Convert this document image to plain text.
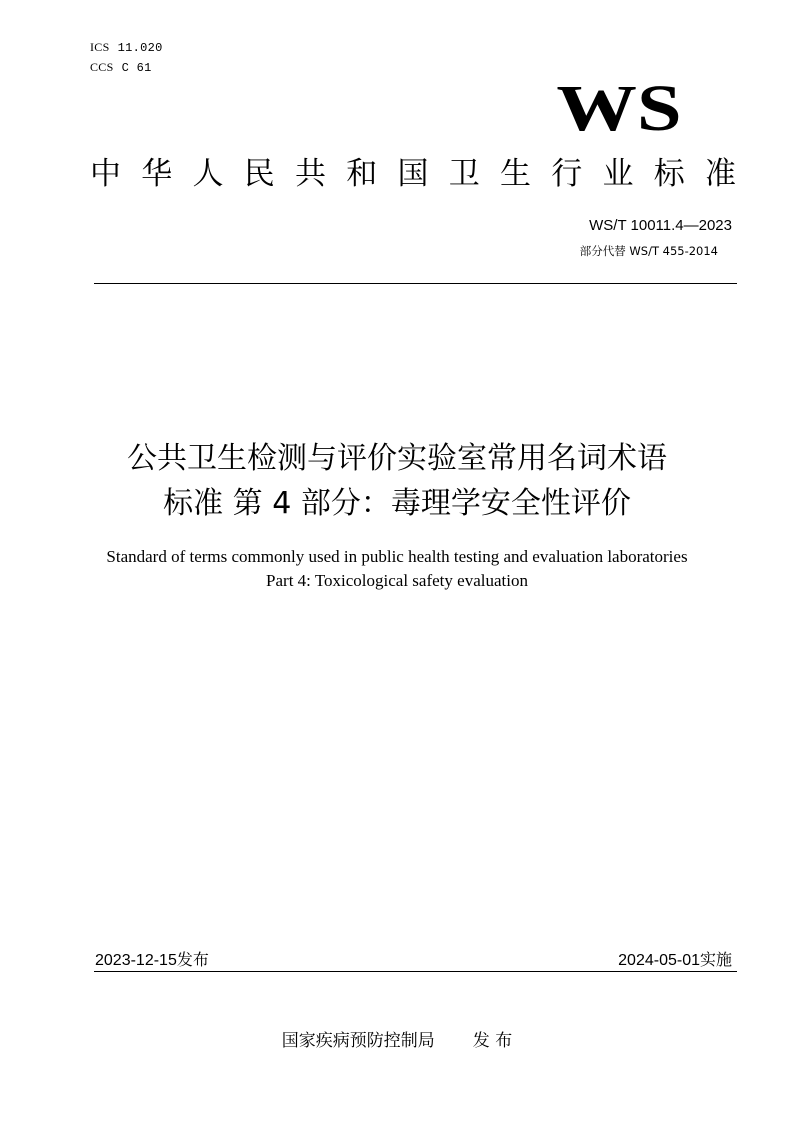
ICS 11.020
CCS C 61
WS
中 华 人 民 共 和 国 卫 生 行 业 标 准
WS/T 10011.4—2023
部分代替 WS/T 455-2014
公共卫生检测与评价实验室常用名词术语
标准 第 4 部分：毒理学安全性评价
Standard of terms commonly used in public health testing and evaluation laboratories
Part 4: Toxicological safety evaluation
2023-12-15发布	2024-05-01实施
国家疾病预防控制局 发 布
